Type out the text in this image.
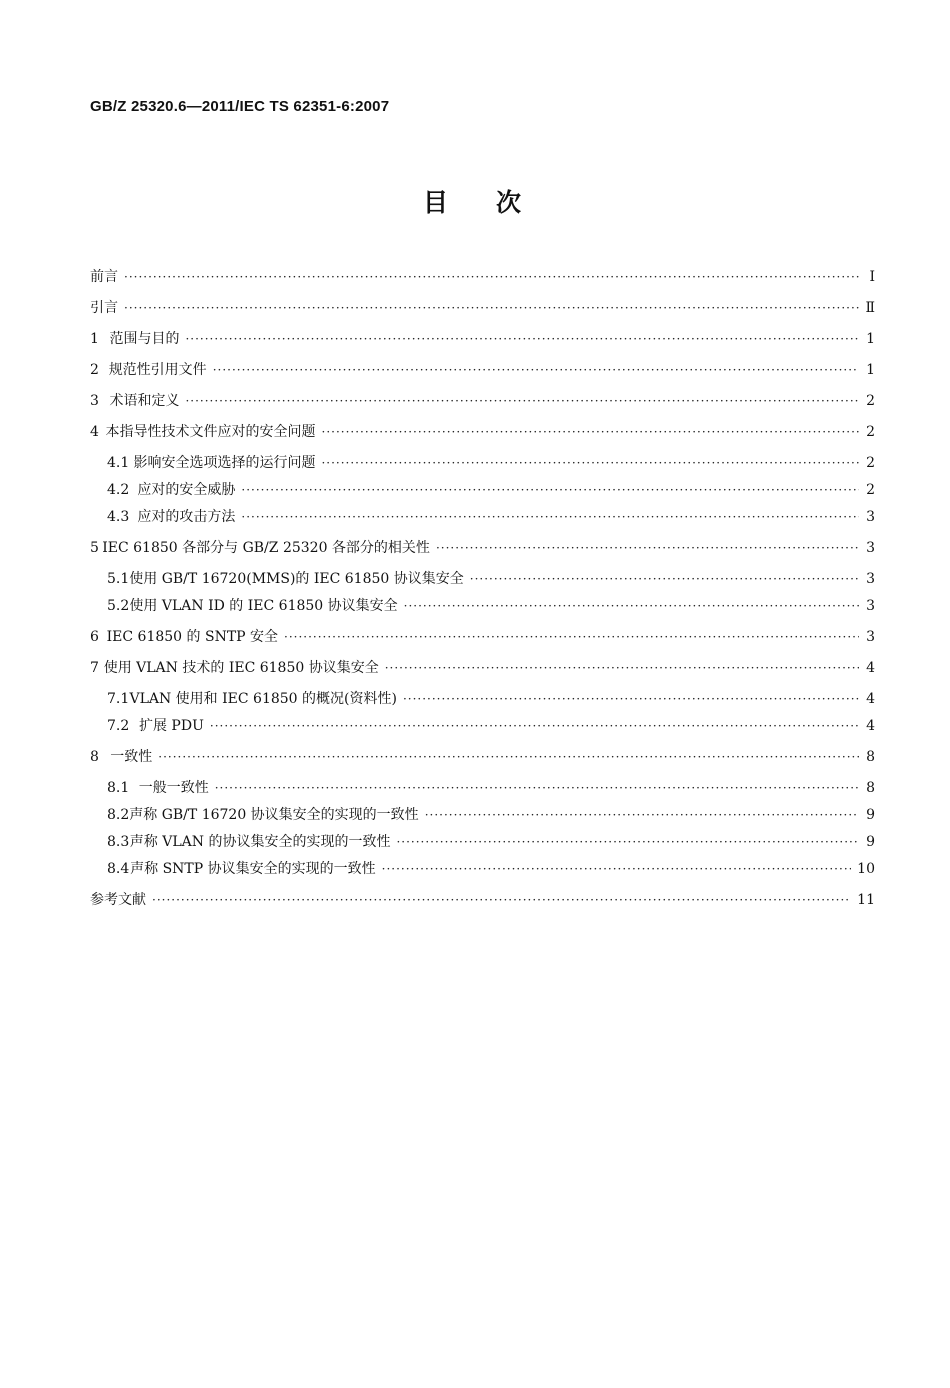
GB/Z 25320.6—2011/IEC TS 62351-6:2007
目次
前言 ·····	Ⅰ
引言 ·····	Ⅱ
1 范围与目的 ·····	1
2 规范性引用文件 ·····	1
3 术语和定义 ·····	2
4 本指导性技术文件应对的安全问题 ·····	2
4.1 影响安全选项选择的运行问题 ·····	2
4.2 应对的安全威胁 ·····	2
4.3 应对的攻击方法 ·····	3
5 IEC 61850 各部分与 GB/Z 25320 各部分的相关性 ·····	3
5.1 使用 GB/T 16720(MMS)的 IEC 61850 协议集安全 ·····	3
5.2 使用 VLAN ID 的 IEC 61850 协议集安全 ·····	3
6 IEC 61850 的 SNTP 安全 ·····	3
7 使用 VLAN 技术的 IEC 61850 协议集安全 ·····	4
7.1 VLAN 使用和 IEC 61850 的概况(资料性) ·····	4
7.2 扩展 PDU ·····	4
8 一致性 ·····	8
8.1 一般一致性 ·····	8
8.2 声称 GB/T 16720 协议集安全的实现的一致性 ·····	9
8.3 声称 VLAN 的协议集安全的实现的一致性 ·····	9
8.4 声称 SNTP 协议集安全的实现的一致性 ·····	10
参考文献 ·····	11
